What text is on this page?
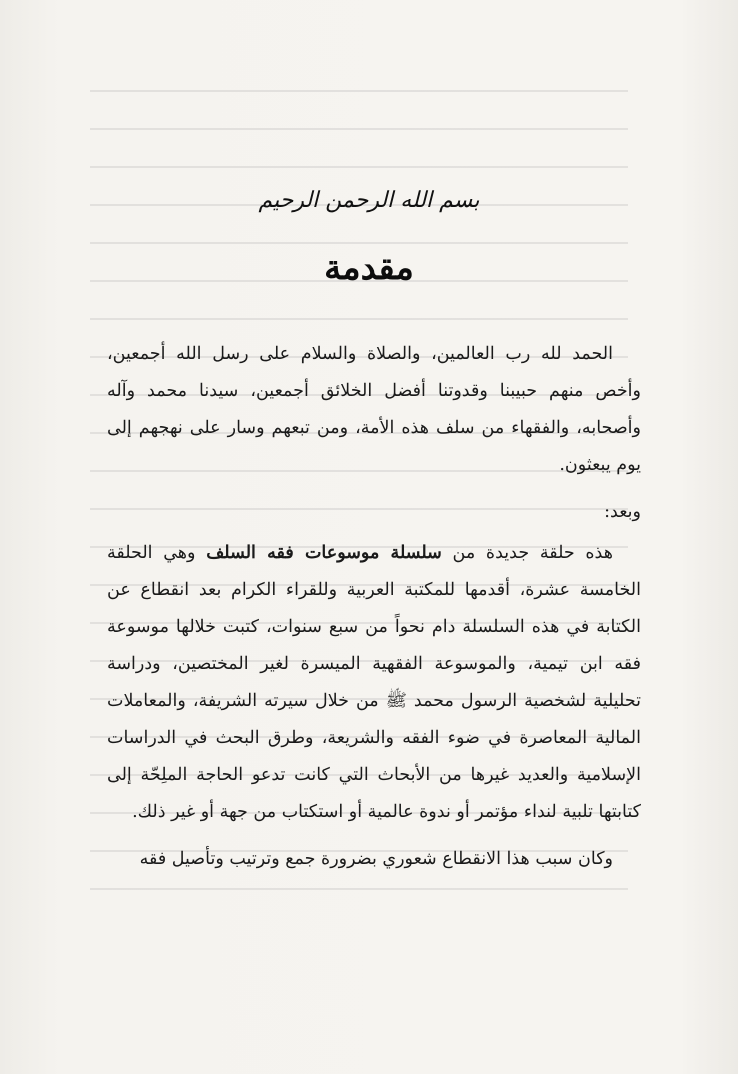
بسم الله الرحمن الرحيم
مقدمة

الحمد لله رب العالمين، والصلاة والسلام على رسل الله أجمعين، وأخص منهم حبيبنا وقدوتنا أفضل الخلائق أجمعين، سيدنا محمد وآله وأصحابه، والفقهاء من سلف هذه الأمة، ومن تبعهم وسار على نهجهم إلى يوم يبعثون.

وبعد:

هذه حلقة جديدة من سلسلة موسوعات فقه السلف وهي الحلقة الخامسة عشرة، أقدمها للمكتبة العربية وللقراء الكرام بعد انقطاع عن الكتابة في هذه السلسلة دام نحواً من سبع سنوات، كتبت خلالها موسوعة فقه ابن تيمية، والموسوعة الفقهية الميسرة لغير المختصين، ودراسة تحليلية لشخصية الرسول محمد ﷺ من خلال سيرته الشريفة، والمعاملات المالية المعاصرة في ضوء الفقه والشريعة، وطرق البحث في الدراسات الإسلامية والعديد غيرها من الأبحاث التي كانت تدعو الحاجة الملِحّة إلى كتابتها تلبية لنداء مؤتمر أو ندوة عالمية أو استكتاب من جهة أو غير ذلك.

وكان سبب هذا الانقطاع شعوري بضرورة جمع وترتيب وتأصيل فقه
